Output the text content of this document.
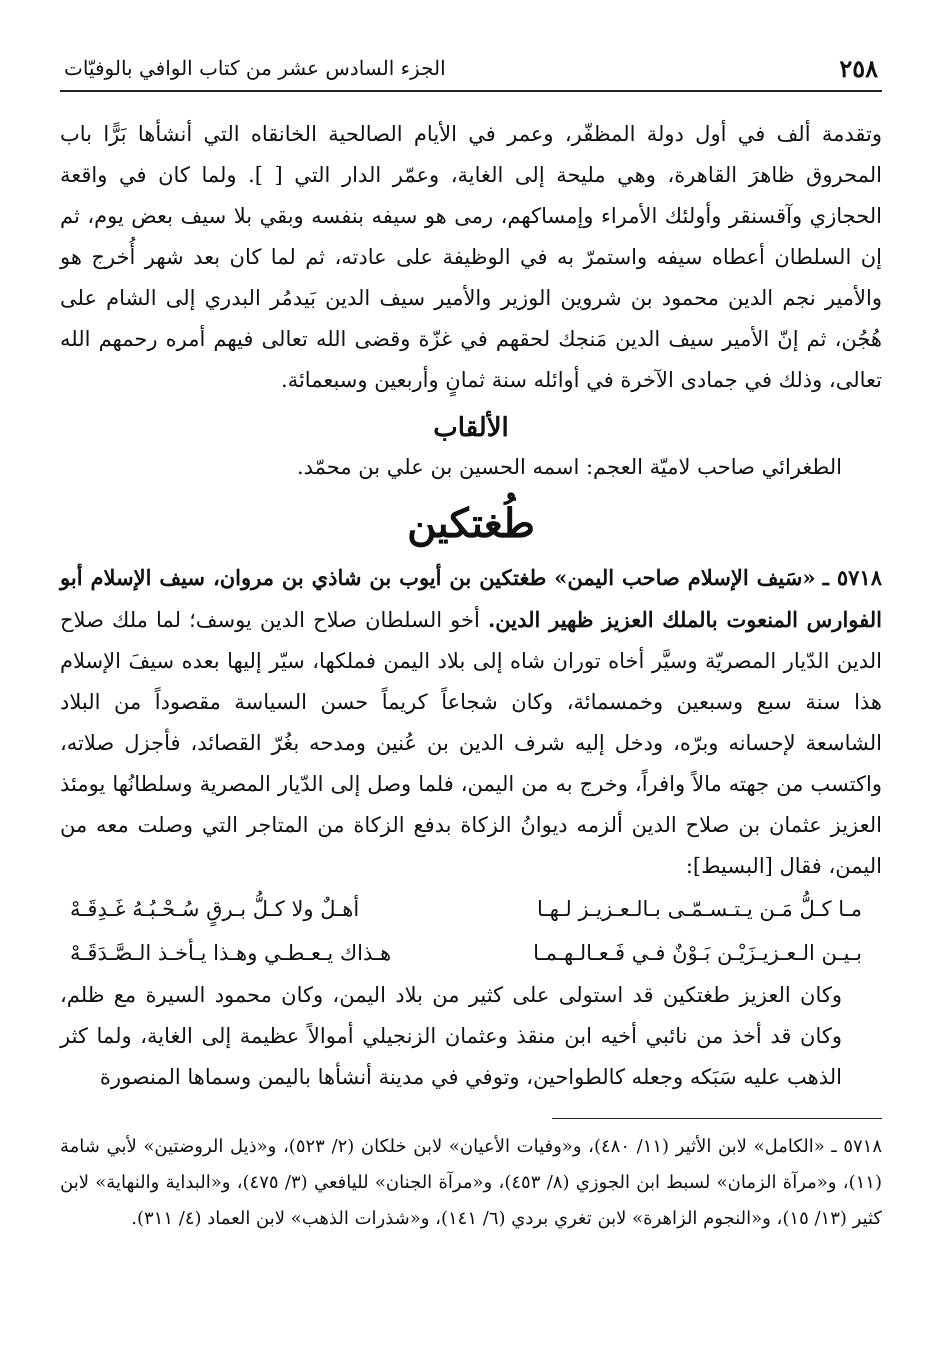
٢٥٨
الجزء السادس عشر من كتاب الوافي بالوفيّات

وتقدمة ألف في أول دولة المظفّر، وعمر في الأيام الصالحية الخانقاه التي أنشأها بَرًّا باب المحروق ظاهرَ القاهرة، وهي مليحة إلى الغاية، وعمّر الدار التي [ ]. ولما كان في واقعة الحجازي وآقسنقر وأولئك الأمراء وإمساكهم، رمى هو سيفه بنفسه وبقي بلا سيف بعض يوم، ثم إن السلطان أعطاه سيفه واستمرّ به في الوظيفة على عادته، ثم لما كان بعد شهر أُخرج هو والأمير نجم الدين محمود بن شروين الوزير والأمير سيف الدين بَيدمُر البدري إلى الشام على هُجُن، ثم إنّ الأمير سيف الدين مَنجك لحقهم في غزّة وقضى الله تعالى فيهم أمره رحمهم الله تعالى، وذلك في جمادى الآخرة في أوائله سنة ثمانٍ وأربعين وسبعمائة.

الألقاب

الطغرائي صاحب لاميّة العجم: اسمه الحسين بن علي بن محمّد.

طُغتكين

٥٧١٨ ـ «سَيف الإسلام صاحب اليمن» طغتكين بن أيوب بن شاذي بن مروان، سيف الإسلام أبو الفوارس المنعوت بالملك العزيز ظهير الدين. أخو السلطان صلاح الدين يوسف؛ لما ملك صلاح الدين الدّيار المصريّة وسيَّر أخاه توران شاه إلى بلاد اليمن فملكها، سيّر إليها بعده سيفَ الإسلام هذا سنة سبع وسبعين وخمسمائة، وكان شجاعاً كريماً حسن السياسة مقصوداً من البلاد الشاسعة لإحسانه وبرّه، ودخل إليه شرف الدين بن عُنين ومدحه بغُرّ القصائد، فأجزل صلاته، واكتسب من جهته مالاً وافراً، وخرج به من اليمن، فلما وصل إلى الدّيار المصرية وسلطانُها يومئذ العزيز عثمان بن صلاح الدين ألزمه ديوانُ الزكاة بدفع الزكاة من المتاجر التي وصلت معه من اليمن، فقال [البسيط]:

مـا كـلُّ مَـن يـتـسـمّـى بـالـعـزيـز لـهـا
أهـلٌ ولا كـلُّ بـرقٍ سُـحْـبُـهُ غَـدِقَـهْ
بـيـن الـعـزيـزَيْـن بَـوْنٌ فـي فَـعـالـهـمـا
هـذاك يـعـطـي وهـذا يـأخـذ الـصَّـدَقَـهْ

وكان العزيز طغتكين قد استولى على كثير من بلاد اليمن، وكان محمود السيرة مع ظلم، وكان قد أخذ من نائبي أخيه ابن منقذ وعثمان الزنجيلي أموالاً عظيمة إلى الغاية، ولما كثر الذهب عليه سَبَكه وجعله كالطواحين، وتوفي في مدينة أنشأها باليمن وسماها المنصورة

٥٧١٨ ـ «الكامل» لابن الأثير (١١/ ٤٨٠)، و«وفيات الأعيان» لابن خلكان (٢/ ٥٢٣)، و«ذيل الروضتين» لأبي شامة (١١)، و«مرآة الزمان» لسبط ابن الجوزي (٨/ ٤٥٣)، و«مرآة الجنان» لليافعي (٣/ ٤٧٥)، و«البداية والنهاية» لابن كثير (١٣/ ١٥)، و«النجوم الزاهرة» لابن تغري بردي (٦/ ١٤١)، و«شذرات الذهب» لابن العماد (٤/ ٣١١).
